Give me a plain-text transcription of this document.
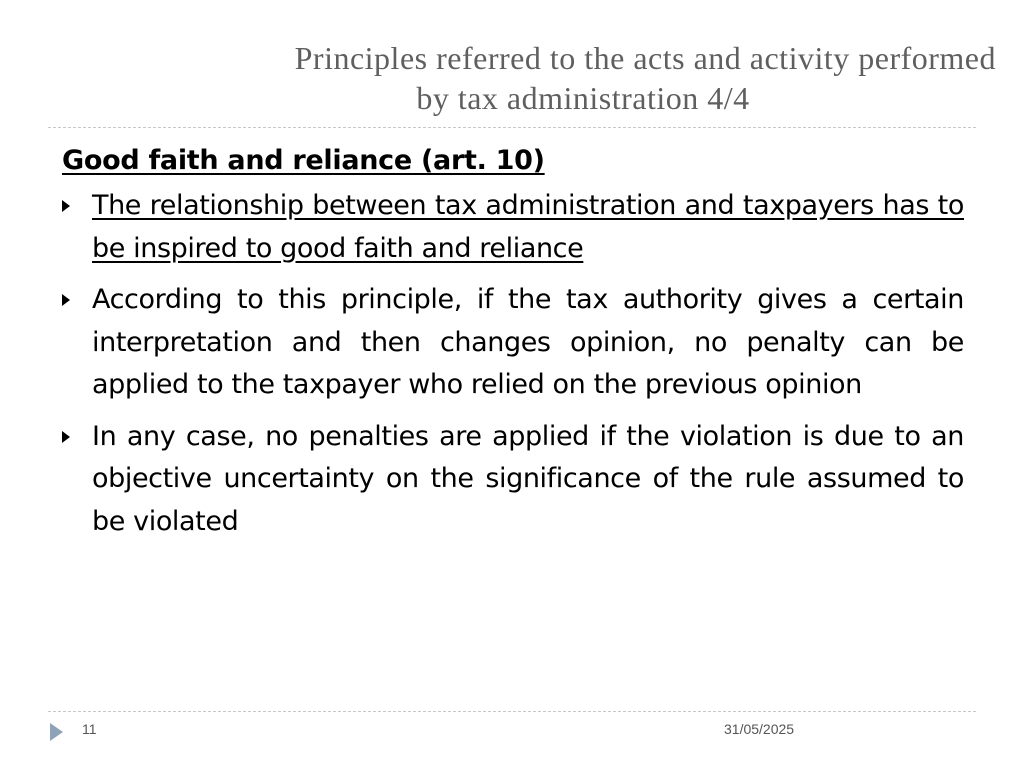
Principles referred to the acts and activity performed
by tax administration 4/4
Good faith and reliance (art. 10)
The relationship between tax administration and taxpayers has to be inspired to good faith and reliance
According to this principle, if the tax authority gives a certain interpretation and then changes opinion, no penalty can be applied to the taxpayer who relied on the previous opinion
In any case, no penalties are applied if the violation is due to an objective uncertainty on the significance of the rule assumed to be violated
11	31/05/2025
